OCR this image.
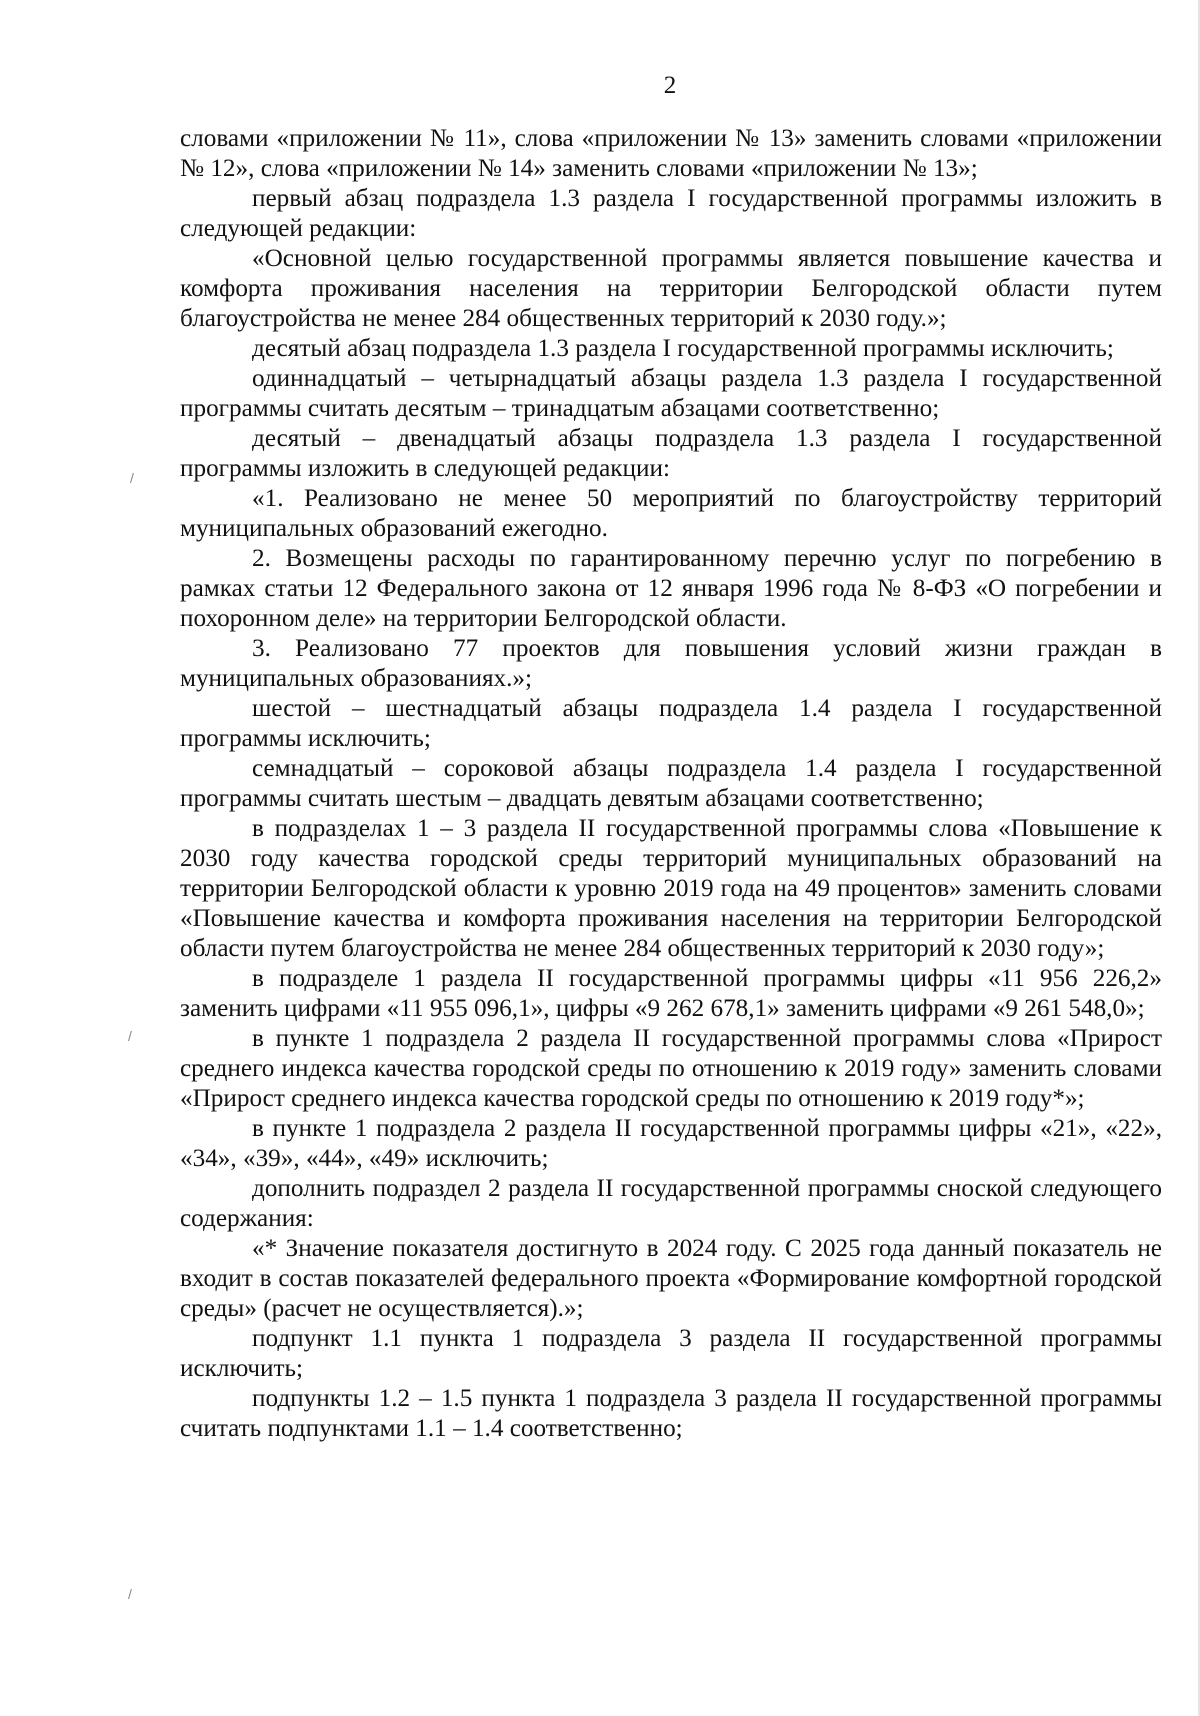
2

словами «приложении № 11», слова «приложении № 13» заменить словами «приложении № 12», слова «приложении № 14» заменить словами «приложении № 13»;

первый абзац подраздела 1.3 раздела I государственной программы изложить в следующей редакции:

«Основной целью государственной программы является повышение качества и комфорта проживания населения на территории Белгородской области путем благоустройства не менее 284 общественных территорий к 2030 году.»;

десятый абзац подраздела 1.3 раздела I государственной программы исключить;

одиннадцатый – четырнадцатый абзацы раздела 1.3 раздела I государственной программы считать десятым – тринадцатым абзацами соответственно;

десятый – двенадцатый абзацы подраздела 1.3 раздела I государственной программы изложить в следующей редакции:

«1. Реализовано не менее 50 мероприятий по благоустройству территорий муниципальных образований ежегодно.

2. Возмещены расходы по гарантированному перечню услуг по погребению в рамках статьи 12 Федерального закона от 12 января 1996 года № 8-ФЗ «О погребении и похоронном деле» на территории Белгородской области.

3. Реализовано 77 проектов для повышения условий жизни граждан в муниципальных образованиях.»;

шестой – шестнадцатый абзацы подраздела 1.4 раздела I государственной программы исключить;

семнадцатый – сороковой абзацы подраздела 1.4 раздела I государственной программы считать шестым – двадцать девятым абзацами соответственно;

в подразделах 1 – 3 раздела II государственной программы слова «Повышение к 2030 году качества городской среды территорий муниципальных образований на территории Белгородской области к уровню 2019 года на 49 процентов» заменить словами «Повышение качества и комфорта проживания населения на территории Белгородской области путем благоустройства не менее 284 общественных территорий к 2030 году»;

в подразделе 1 раздела II государственной программы цифры «11 956 226,2» заменить цифрами «11 955 096,1», цифры «9 262 678,1» заменить цифрами «9 261 548,0»;

в пункте 1 подраздела 2 раздела II государственной программы слова «Прирост среднего индекса качества городской среды по отношению к 2019 году» заменить словами «Прирост среднего индекса качества городской среды по отношению к 2019 году*»;

в пункте 1 подраздела 2 раздела II государственной программы цифры «21», «22», «34», «39», «44», «49» исключить;

дополнить подраздел 2 раздела II государственной программы сноской следующего содержания:

«* Значение показателя достигнуто в 2024 году. С 2025 года данный показатель не входит в состав показателей федерального проекта «Формирование комфортной городской среды» (расчет не осуществляется).»;

подпункт 1.1 пункта 1 подраздела 3 раздела II государственной программы исключить;

подпункты 1.2 – 1.5 пункта 1 подраздела 3 раздела II государственной программы считать подпунктами 1.1 – 1.4 соответственно;

/
/
/
